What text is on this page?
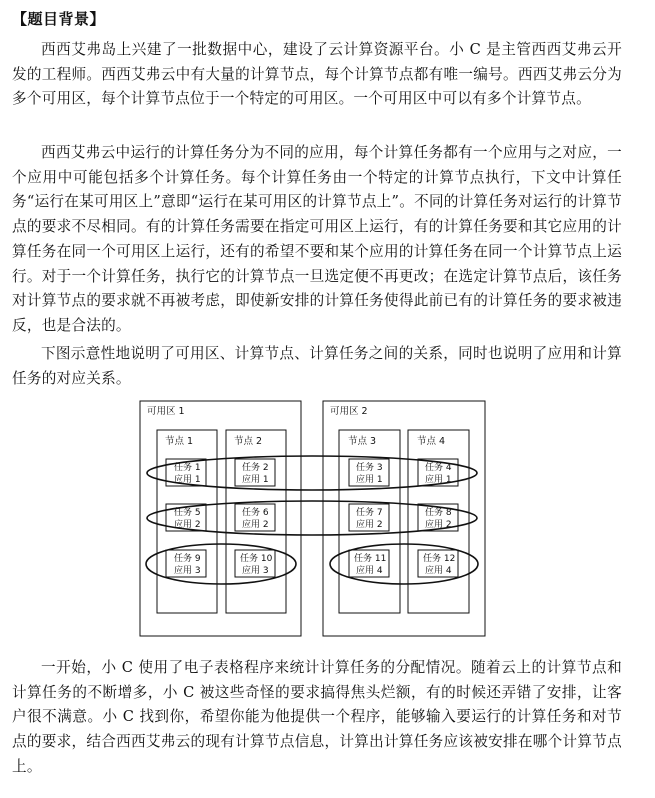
【题目背景】

西西艾弗岛上兴建了一批数据中心，建设了云计算资源平台。小 C 是主管西西艾弗云开发的工程师。西西艾弗云中有大量的计算节点，每个计算节点都有唯一编号。西西艾弗云分为多个可用区，每个计算节点位于一个特定的可用区。一个可用区中可以有多个计算节点。

西西艾弗云中运行的计算任务分为不同的应用，每个计算任务都有一个应用与之对应，一个应用中可能包括多个计算任务。每个计算任务由一个特定的计算节点执行，下文中计算任务“运行在某可用区上”意即“运行在某可用区的计算节点上”。不同的计算任务对运行的计算节点的要求不尽相同。有的计算任务需要在指定可用区上运行，有的计算任务要和其它应用的计算任务在同一个可用区上运行，还有的希望不要和某个应用的计算任务在同一个计算节点上运行。对于一个计算任务，执行它的计算节点一旦选定便不再更改；在选定计算节点后，该任务对计算节点的要求就不再被考虑，即使新安排的计算任务使得此前已有的计算任务的要求被违反，也是合法的。

下图示意性地说明了可用区、计算节点、计算任务之间的关系，同时也说明了应用和计算任务的对应关系。

可用区 1
节点 1	节点 2
可用区 2
节点 3	节点 4
任务 1
应用 1
任务 2
应用 1
任务 3
应用 1
任务 4
应用 1
任务 5
应用 2
任务 6
应用 2
任务 7
应用 2
任务 8
应用 2
任务 9
应用 3
任务 10
应用 3
任务 11
应用 4
任务 12
应用 4

一开始，小 C 使用了电子表格程序来统计计算任务的分配情况。随着云上的计算节点和计算任务的不断增多，小 C 被这些奇怪的要求搞得焦头烂额，有的时候还弄错了安排，让客户很不满意。小 C 找到你，希望你能为他提供一个程序，能够输入要运行的计算任务和对节点的要求，结合西西艾弗云的现有计算节点信息，计算出计算任务应该被安排在哪个计算节点上。
